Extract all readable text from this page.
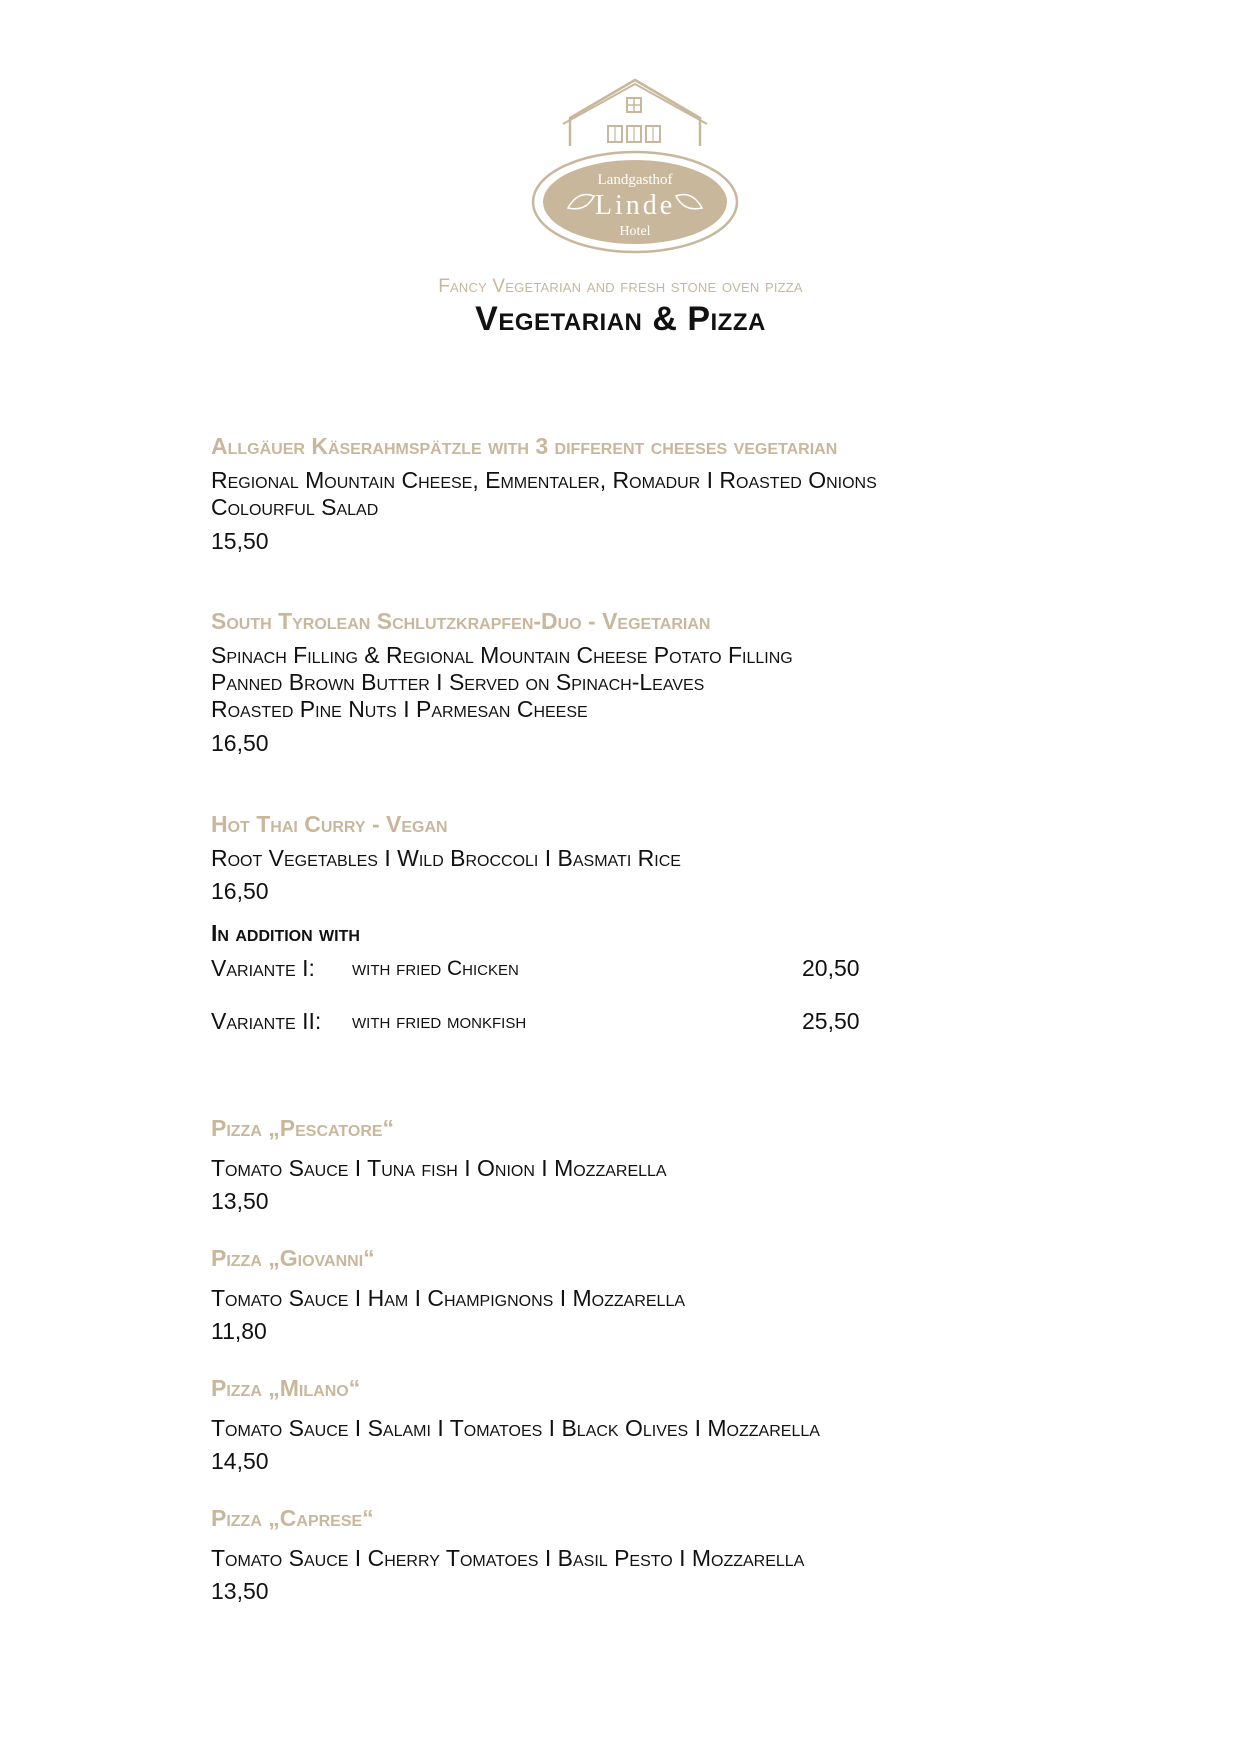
Landgasthof
Linde
Hotel
Fancy Vegetarian and fresh stone oven pizza
Vegetarian & Pizza
Allgäuer Käserahmspätzle with 3 different cheeses vegetarian
Regional Mountain Cheese, Emmentaler, Romadur I Roasted Onions
Colourful Salad
15,50
South Tyrolean Schlutzkrapfen-Duo - Vegetarian
Spinach Filling & Regional Mountain Cheese Potato Filling
Panned Brown Butter I Served on Spinach-Leaves
Roasted Pine Nuts I Parmesan Cheese
16,50
Hot Thai Curry - Vegan
Root Vegetables I Wild Broccoli I Basmati Rice
16,50
In addition with
Variante I: with fried Chicken	20,50
Variante II: with fried monkfish	25,50
Pizza „Pescatore“
Tomato Sauce I Tuna fish I Onion I Mozzarella
13,50
Pizza „Giovanni“
Tomato Sauce I Ham I Champignons I Mozzarella
11,80
Pizza „Milano“
Tomato Sauce I Salami I Tomatoes I Black Olives I Mozzarella
14,50
Pizza „Caprese“
Tomato Sauce I Cherry Tomatoes I Basil Pesto I Mozzarella
13,50
